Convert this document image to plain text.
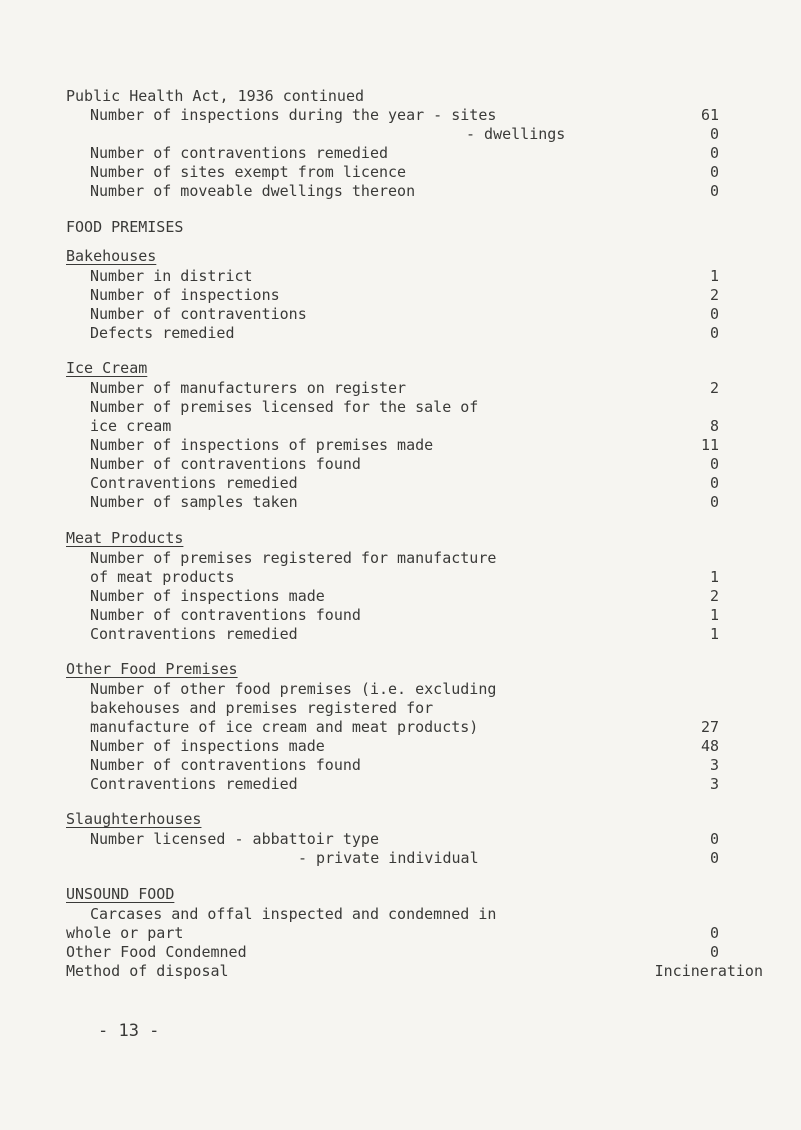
Public Health Act, 1936 continued
Number of inspections during the year - sites	61
- dwellings	0
Number of contraventions remedied	0
Number of sites exempt from licence	0
Number of moveable dwellings thereon	0
FOOD PREMISES
Bakehouses
Number in district	1
Number of inspections	2
Number of contraventions	0
Defects remedied	0
Ice Cream
Number of manufacturers on register	2
Number of premises licensed for the sale of
ice cream	8
Number of inspections of premises made	11
Number of contraventions found	0
Contraventions remedied	0
Number of samples taken	0
Meat Products
Number of premises registered for manufacture
of meat products	1
Number of inspections made	2
Number of contraventions found	1
Contraventions remedied	1
Other Food Premises
Number of other food premises (i.e. excluding
bakehouses and premises registered for
manufacture of ice cream and meat products)	27
Number of inspections made	48
Number of contraventions found	3
Contraventions remedied	3
Slaughterhouses
Number licensed - abbattoir type	0
- private individual	0
UNSOUND FOOD
Carcases and offal inspected and condemned in
whole or part	0
Other Food Condemned	0
Method of disposal	Incineration
- 13 -
